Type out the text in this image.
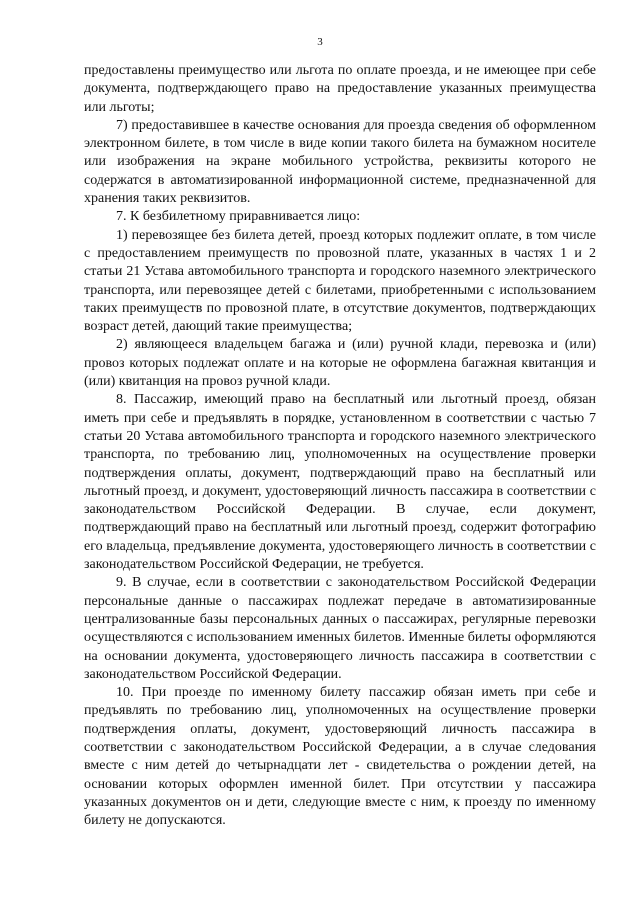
3

предоставлены преимущество или льгота по оплате проезда, и не имеющее при себе документа, подтверждающего право на предоставление указанных преимущества или льготы;

7) предоставившее в качестве основания для проезда сведения об оформленном электронном билете, в том числе в виде копии такого билета на бумажном носителе или изображения на экране мобильного устройства, реквизиты которого не содержатся в автоматизированной информационной системе, предназначенной для хранения таких реквизитов.

7. К безбилетному приравнивается лицо:

1) перевозящее без билета детей, проезд которых подлежит оплате, в том числе с предоставлением преимуществ по провозной плате, указанных в частях 1 и 2 статьи 21 Устава автомобильного транспорта и городского наземного электрического транспорта, или перевозящее детей с билетами, приобретенными с использованием таких преимуществ по провозной плате, в отсутствие документов, подтверждающих возраст детей, дающий такие преимущества;

2) являющееся владельцем багажа и (или) ручной клади, перевозка и (или) провоз которых подлежат оплате и на которые не оформлена багажная квитанция и (или) квитанция на провоз ручной клади.

8. Пассажир, имеющий право на бесплатный или льготный проезд, обязан иметь при себе и предъявлять в порядке, установленном в соответствии с частью 7 статьи 20 Устава автомобильного транспорта и городского наземного электрического транспорта, по требованию лиц, уполномоченных на осуществление проверки подтверждения оплаты, документ, подтверждающий право на бесплатный или льготный проезд, и документ, удостоверяющий личность пассажира в соответствии с законодательством Российской Федерации. В случае, если документ, подтверждающий право на бесплатный или льготный проезд, содержит фотографию его владельца, предъявление документа, удостоверяющего личность в соответствии с законодательством Российской Федерации, не требуется.

9. В случае, если в соответствии с законодательством Российской Федерации персональные данные о пассажирах подлежат передаче в автоматизированные централизованные базы персональных данных о пассажирах, регулярные перевозки осуществляются с использованием именных билетов. Именные билеты оформляются на основании документа, удостоверяющего личность пассажира в соответствии с законодательством Российской Федерации.

10. При проезде по именному билету пассажир обязан иметь при себе и предъявлять по требованию лиц, уполномоченных на осуществление проверки подтверждения оплаты, документ, удостоверяющий личность пассажира в соответствии с законодательством Российской Федерации, а в случае следования вместе с ним детей до четырнадцати лет - свидетельства о рождении детей, на основании которых оформлен именной билет. При отсутствии у пассажира указанных документов он и дети, следующие вместе с ним, к проезду по именному билету не допускаются.
